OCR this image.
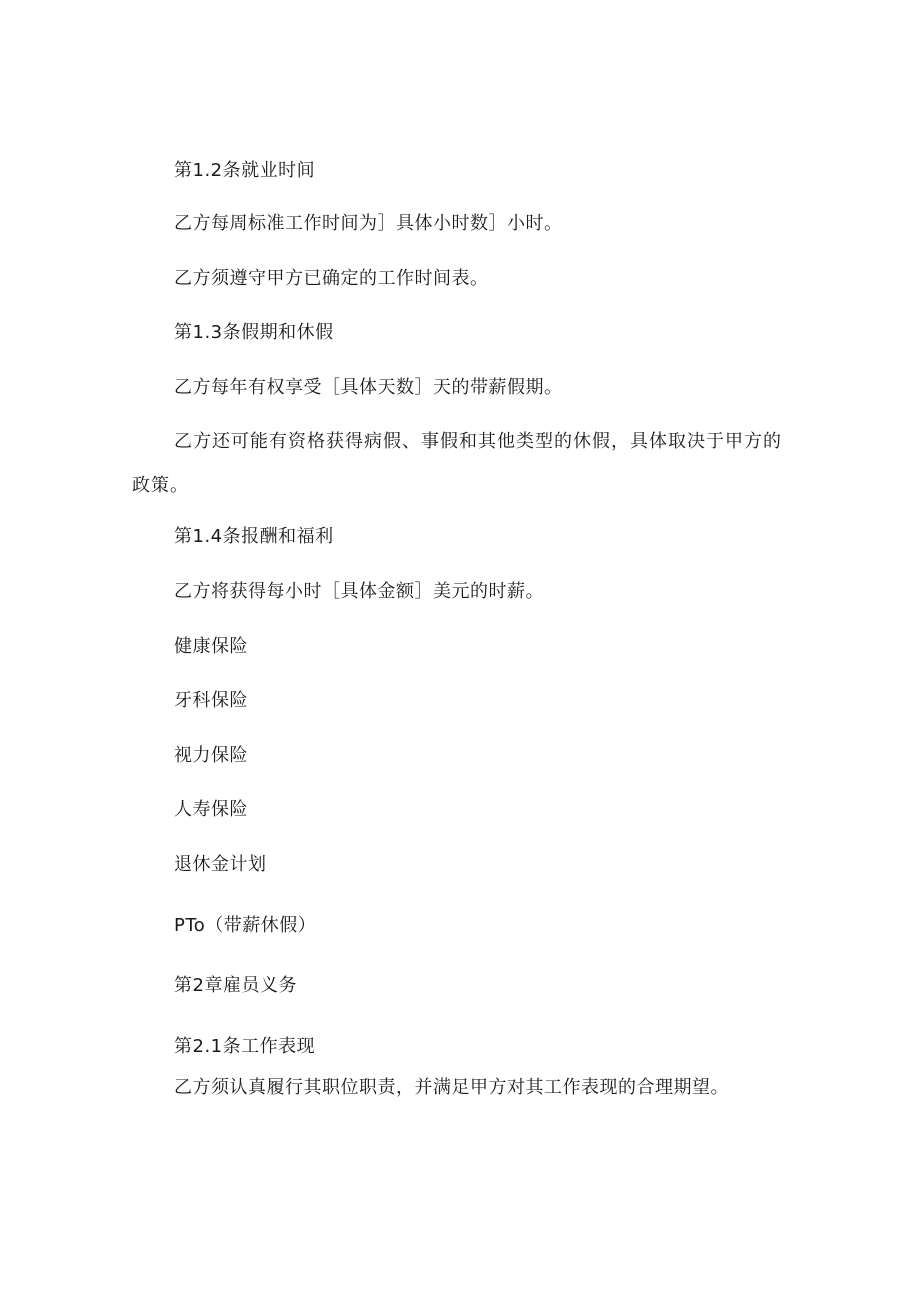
第1.2条就业时间
乙方每周标准工作时间为］具体小时数］小时。
乙方须遵守甲方已确定的工作时间表。
第1.3条假期和休假
乙方每年有权享受［具体天数］天的带薪假期。
乙方还可能有资格获得病假、事假和其他类型的休假，具体取决于甲方的政策。
第1.4条报酬和福利
乙方将获得每小时［具体金额］美元的时薪。
健康保险
牙科保险
视力保险
人寿保险
退休金计划
PTo（带薪休假）
第2章雇员义务
第2.1条工作表现
乙方须认真履行其职位职责，并满足甲方对其工作表现的合理期望。
